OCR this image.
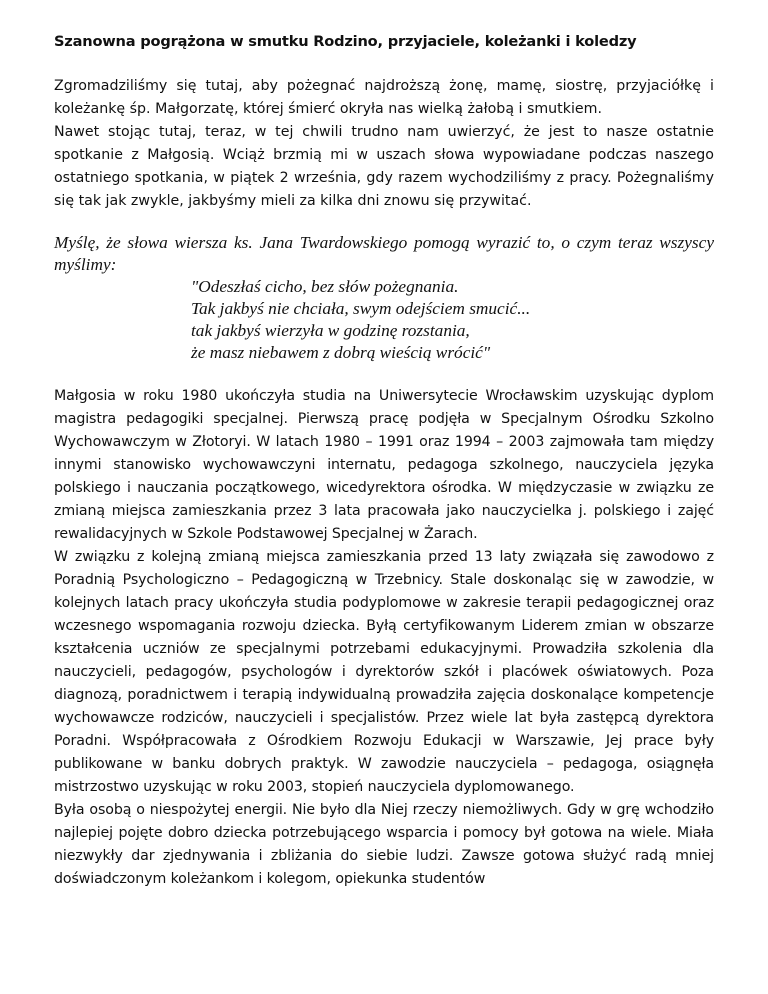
Szanowna pogrążona w smutku Rodzino, przyjaciele, koleżanki i koledzy

Zgromadziliśmy się tutaj, aby pożegnać najdroższą żonę, mamę, siostrę, przyjaciółkę i koleżankę śp. Małgorzatę, której śmierć okryła nas wielką żałobą i smutkiem.

Nawet stojąc tutaj, teraz, w tej chwili trudno nam uwierzyć, że jest to nasze ostatnie spotkanie z Małgosią. Wciąż brzmią mi w uszach słowa wypowiadane podczas naszego ostatniego spotkania, w piątek 2 września, gdy razem wychodziliśmy z pracy. Pożegnaliśmy się tak jak zwykle, jakbyśmy mieli za kilka dni znowu się przywitać.

Myślę, że słowa wiersza ks. Jana Twardowskiego pomogą wyrazić to, o czym teraz wszyscy myślimy:

"Odeszłaś cicho, bez słów pożegnania.
Tak jakbyś nie chciała, swym odejściem smucić...
tak jakbyś wierzyła w godzinę rozstania,
że masz niebawem z dobrą wieścią wrócić"

Małgosia w roku 1980 ukończyła studia na Uniwersytecie Wrocławskim uzyskując dyplom magistra pedagogiki specjalnej. Pierwszą pracę podjęła w Specjalnym Ośrodku Szkolno Wychowawczym w Złotoryi. W latach 1980 – 1991 oraz 1994 – 2003 zajmowała tam między innymi stanowisko wychowawczyni internatu, pedagoga szkolnego, nauczyciela języka polskiego i nauczania początkowego, wicedyrektora ośrodka. W międzyczasie w związku ze zmianą miejsca zamieszkania przez 3 lata pracowała jako nauczycielka j. polskiego i zajęć rewalidacyjnych w Szkole Podstawowej Specjalnej w Żarach.

W związku z kolejną zmianą miejsca zamieszkania przed 13 laty związała się zawodowo z Poradnią Psychologiczno – Pedagogiczną w Trzebnicy. Stale doskonaląc się w zawodzie, w kolejnych latach pracy ukończyła studia podyplomowe w zakresie terapii pedagogicznej oraz wczesnego wspomagania rozwoju dziecka. Byłą certyfikowanym Liderem zmian w obszarze kształcenia uczniów ze specjalnymi potrzebami edukacyjnymi. Prowadziła szkolenia dla nauczycieli, pedagogów, psychologów i dyrektorów szkół i placówek oświatowych. Poza diagnozą, poradnictwem i terapią indywidualną prowadziła zajęcia doskonalące kompetencje wychowawcze rodziców, nauczycieli i specjalistów. Przez wiele lat była zastępcą dyrektora Poradni. Współpracowała z Ośrodkiem Rozwoju Edukacji w Warszawie, Jej prace były publikowane w banku dobrych praktyk. W zawodzie nauczyciela – pedagoga, osiągnęła mistrzostwo uzyskując w roku 2003, stopień nauczyciela dyplomowanego.

Była osobą o niespożytej energii. Nie było dla Niej rzeczy niemożliwych. Gdy w grę wchodziło najlepiej pojęte dobro dziecka potrzebującego wsparcia i pomocy był gotowa na wiele. Miała niezwykły dar zjednywania i zbliżania do siebie ludzi. Zawsze gotowa służyć radą mniej doświadczonym koleżankom i kolegom, opiekunka studentów
